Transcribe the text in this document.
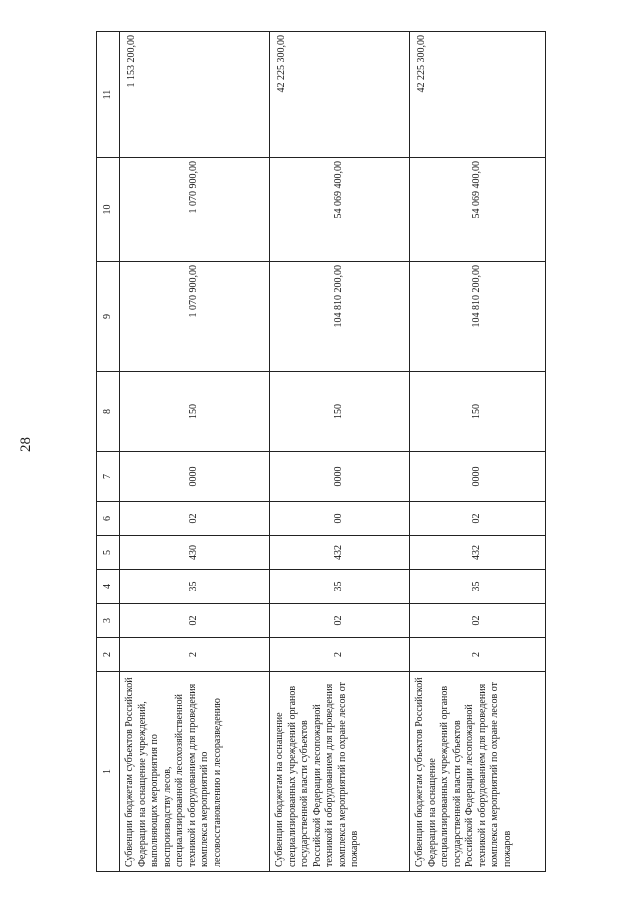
28
1	2	3	4	5	6	7	8	9	10	11
Субвенции бюджетам субъектов Российской Федерации на оснащение учреждений, выполняющих мероприятия по воспроизводству лесов, специализированной лесохозяйственной техникой и оборудованием для проведения комплекса мероприятий по лесовосстановлению и лесоразведению	2	02	35	430	02	0000	150	1 070 900,00	1 070 900,00	1 153 200,00
Субвенции бюджетам на оснащение специализированных учреждений органов государственной власти субъектов Российской Федерации лесопожарной техникой и оборудованием для проведения комплекса мероприятий по охране лесов от пожаров	2	02	35	432	00	0000	150	104 810 200,00	54 069 400,00	42 225 300,00
Субвенции бюджетам субъектов Российской Федерации на оснащение специализированных учреждений органов государственной власти субъектов Российской Федерации лесопожарной техникой и оборудованием для проведения комплекса мероприятий по охране лесов от пожаров	2	02	35	432	02	0000	150	104 810 200,00	54 069 400,00	42 225 300,00
